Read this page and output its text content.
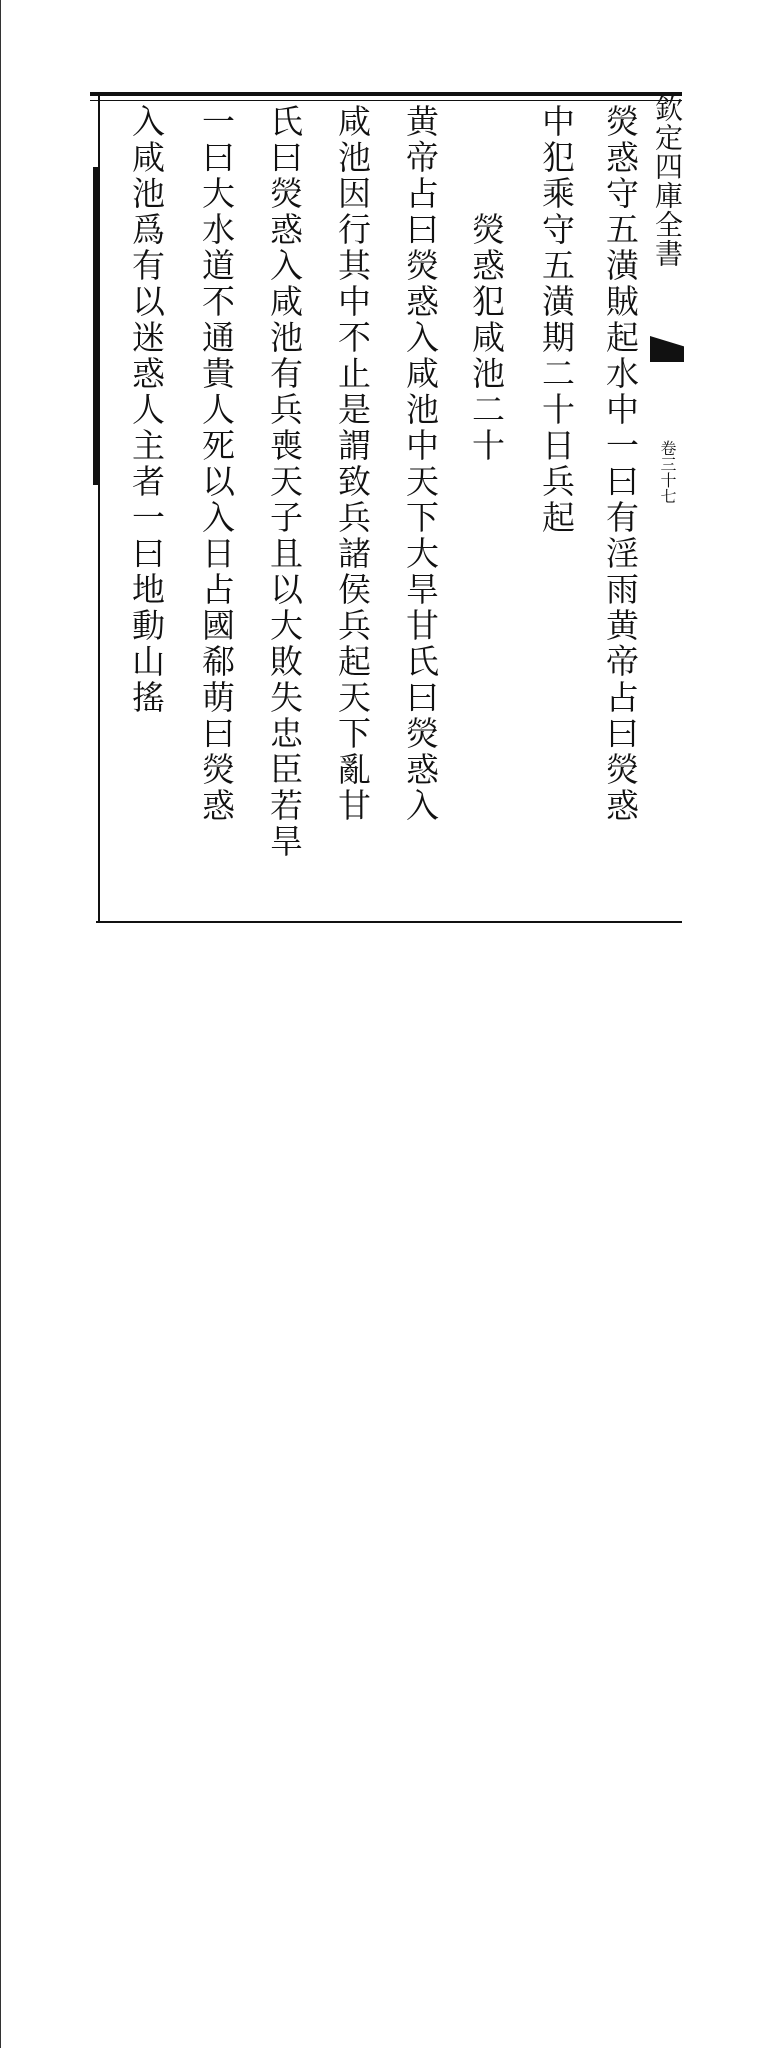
欽定四庫全書
卷三十七
熒惑守五潢賊起水中一曰有淫雨黄帝占曰熒惑
中犯乘守五潢期二十日兵起
熒惑犯咸池二十
黄帝占曰熒惑入咸池中天下大旱甘氏曰熒惑入
咸池因行其中不止是謂致兵諸侯兵起天下亂甘
氏曰熒惑入咸池有兵喪天子且以大敗失忠臣若旱
一曰大水道不通貴人死以入日占國郗萌曰熒惑
入咸池爲有以迷惑人主者一曰地動山搖
